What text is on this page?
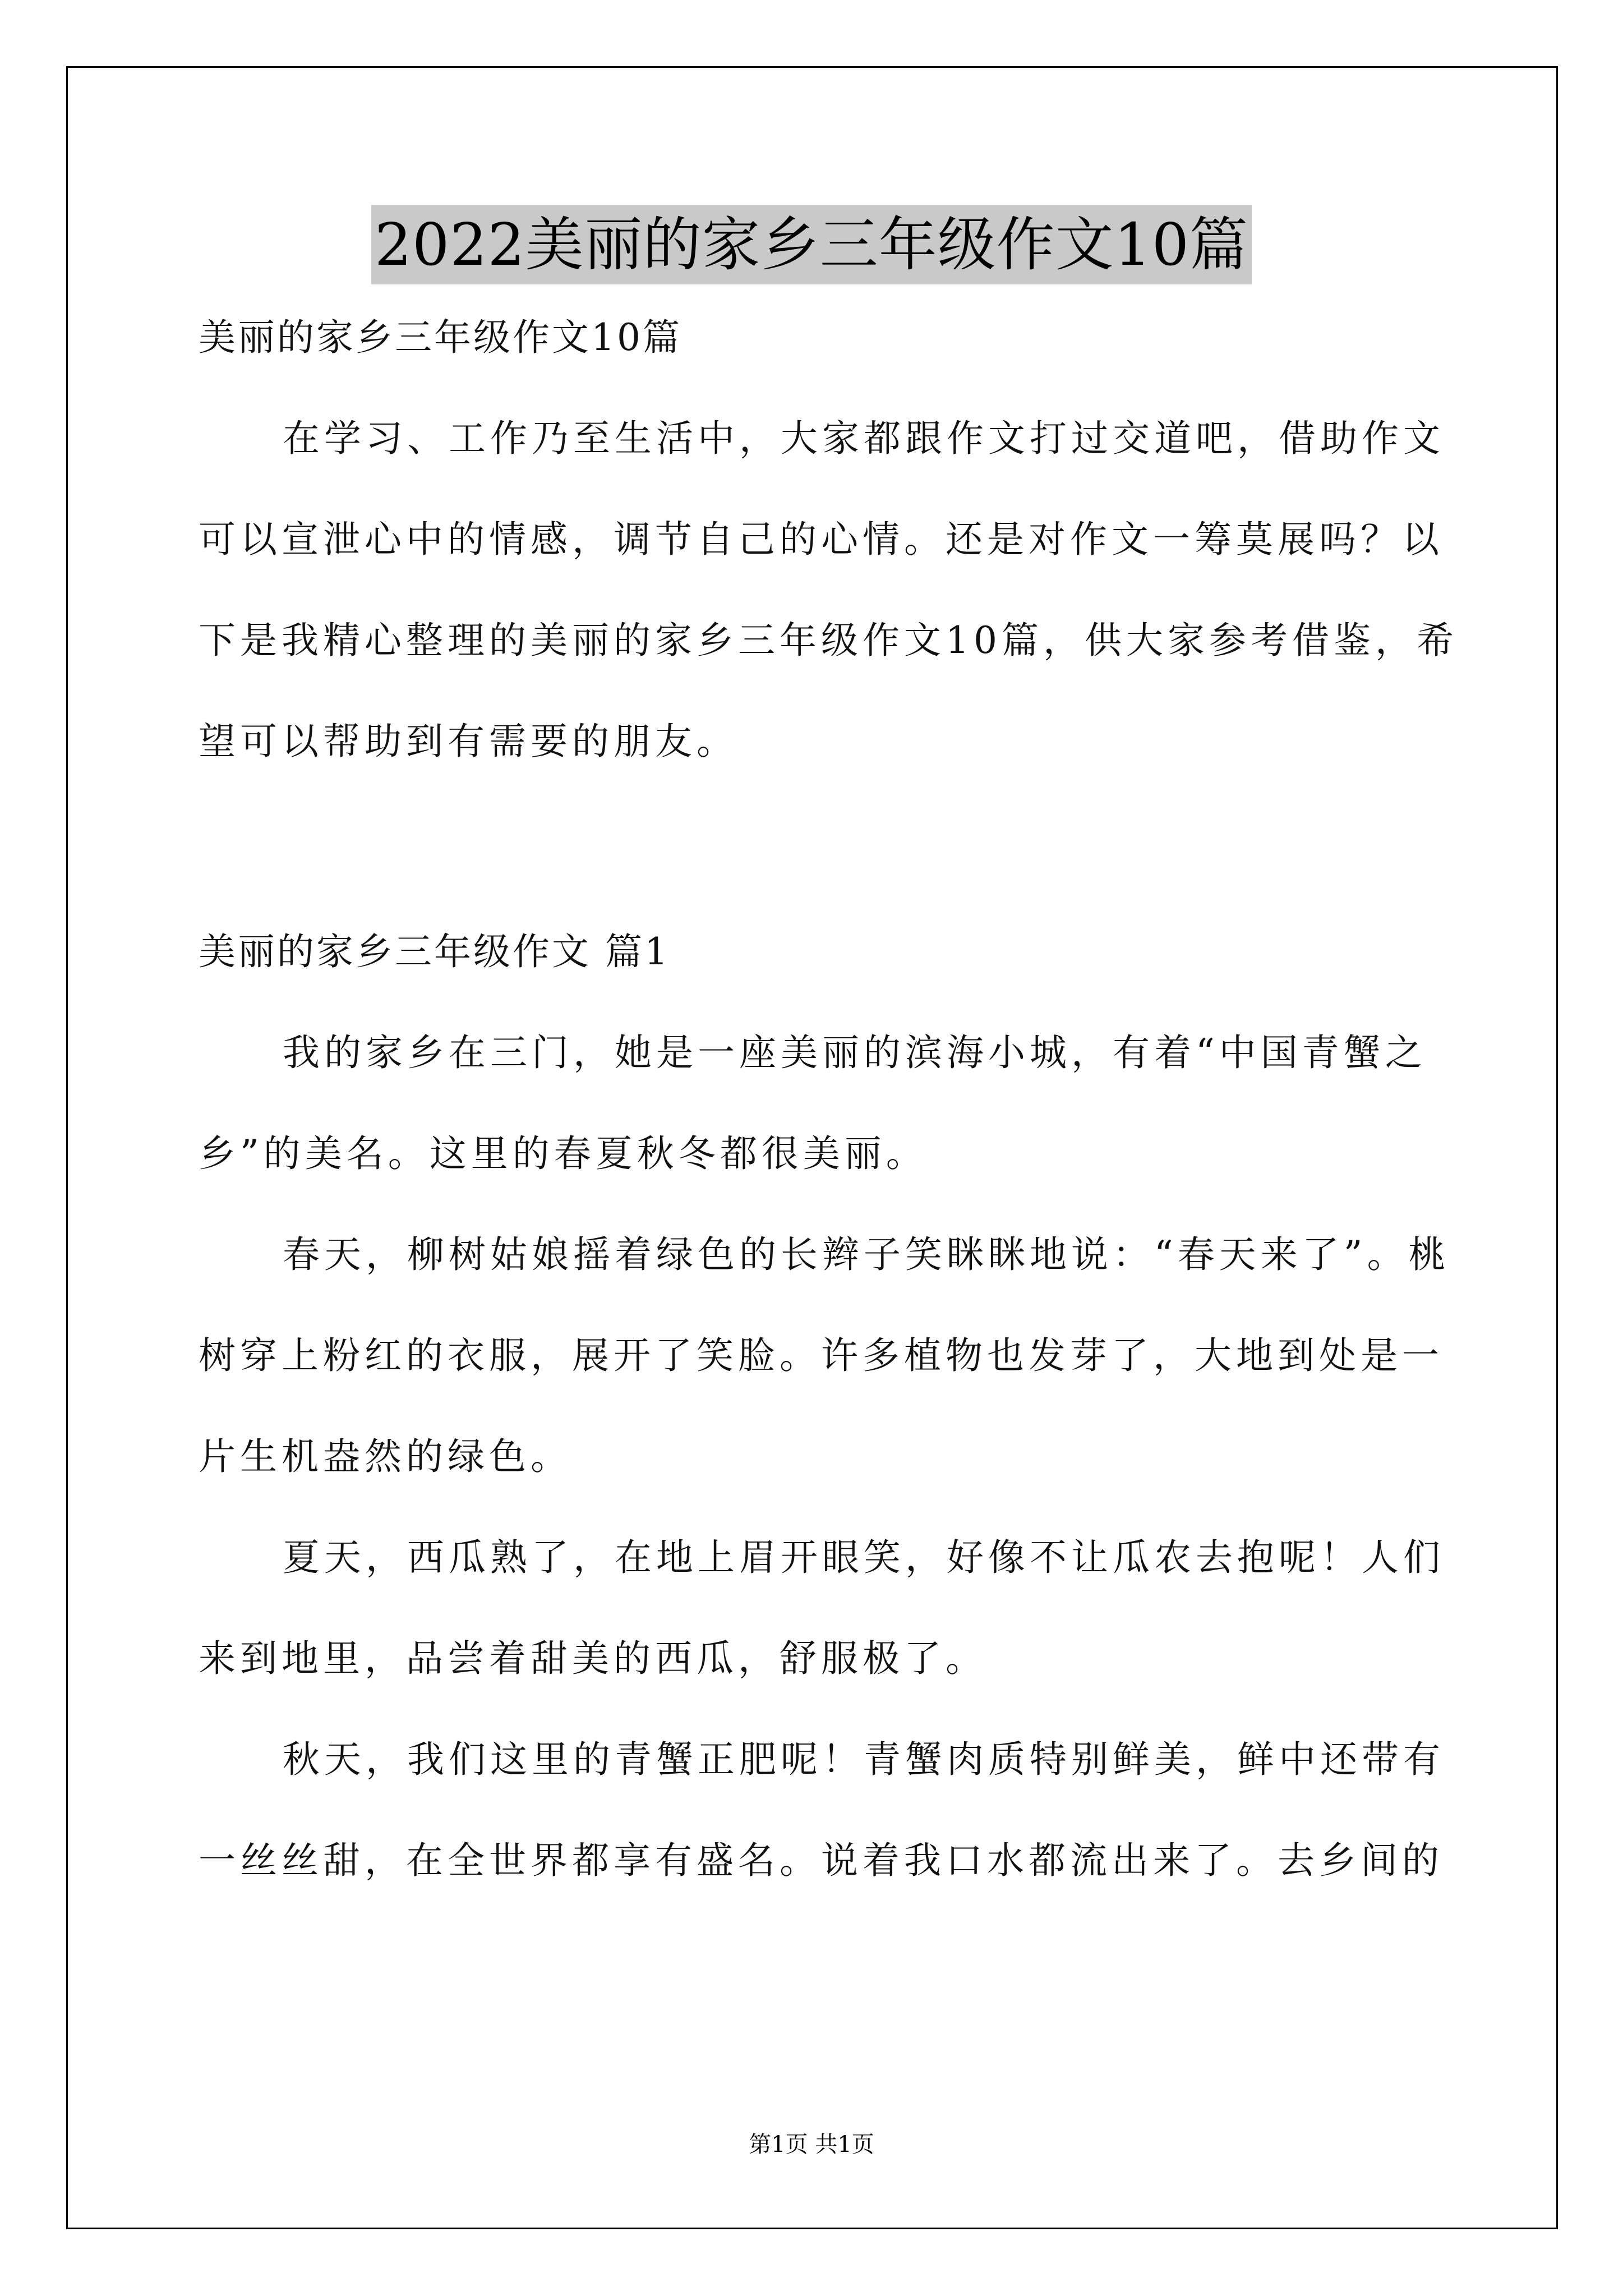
2022美丽的家乡三年级作文10篇
美丽的家乡三年级作文10篇
在学习、工作乃至生活中，大家都跟作文打过交道吧，借助作文
可以宣泄心中的情感，调节自己的心情。还是对作文一筹莫展吗？以
下是我精心整理的美丽的家乡三年级作文10篇，供大家参考借鉴，希
望可以帮助到有需要的朋友。
美丽的家乡三年级作文 篇1
我的家乡在三门，她是一座美丽的滨海小城，有着“中国青蟹之
乡”的美名。这里的春夏秋冬都很美丽。
春天，柳树姑娘摇着绿色的长辫子笑眯眯地说：“春天来了”。桃
树穿上粉红的衣服，展开了笑脸。许多植物也发芽了，大地到处是一
片生机盎然的绿色。
夏天，西瓜熟了，在地上眉开眼笑，好像不让瓜农去抱呢！人们
来到地里，品尝着甜美的西瓜，舒服极了。
秋天，我们这里的青蟹正肥呢！青蟹肉质特别鲜美，鲜中还带有
一丝丝甜，在全世界都享有盛名。说着我口水都流出来了。去乡间的
第1页 共1页
